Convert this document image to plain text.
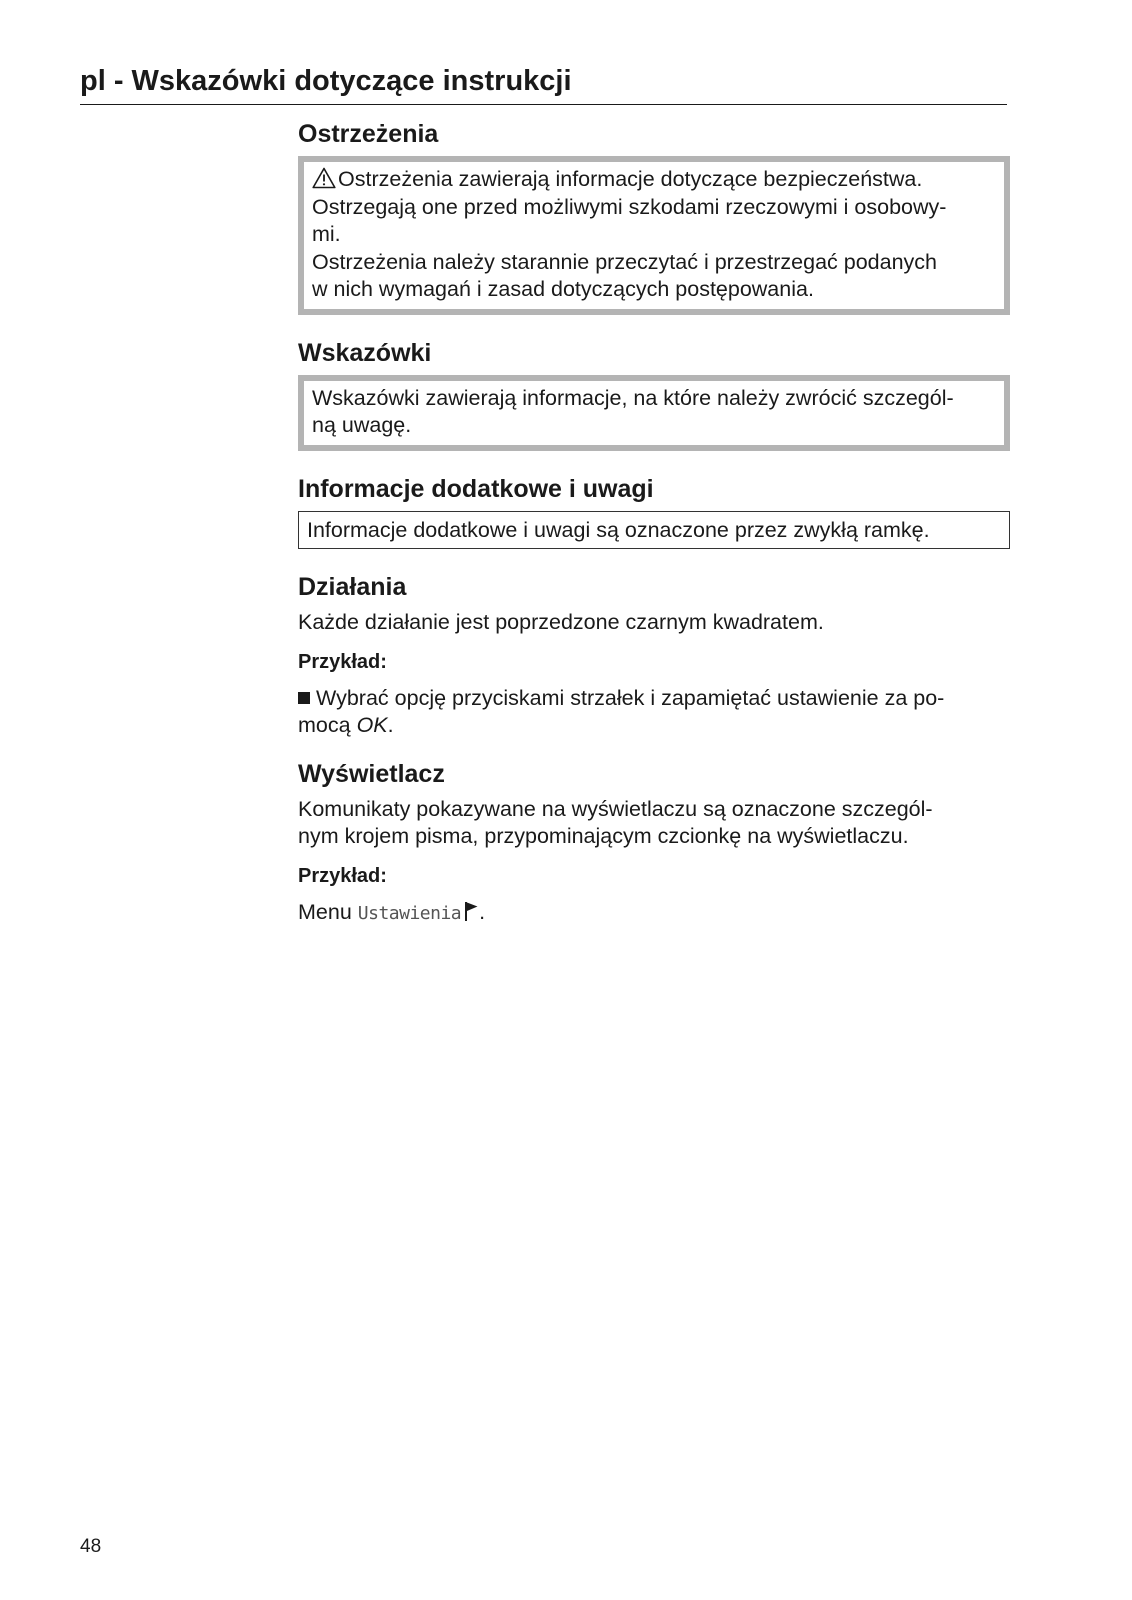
pl - Wskazówki dotyczące instrukcji
Ostrzeżenia

Ostrzeżenia zawierają informacje dotyczące bezpieczeństwa.

Ostrzegają one przed możliwymi szkodami rzeczowymi i osobowy-

mi.

Ostrzeżenia należy starannie przeczytać i przestrzegać podanych

w nich wymagań i zasad dotyczących postępowania.

Wskazówki

Wskazówki zawierają informacje, na które należy zwrócić szczegól-

ną uwagę.

Informacje dodatkowe i uwagi

Informacje dodatkowe i uwagi są oznaczone przez zwykłą ramkę.

Działania

Każde działanie jest poprzedzone czarnym kwadratem.

Przykład:

Wybrać opcję przyciskami strzałek i zapamiętać ustawienie za po-

mocą OK.

Wyświetlacz

Komunikaty pokazywane na wyświetlaczu są oznaczone szczegól-

nym krojem pisma, przypominającym czcionkę na wyświetlaczu.

Przykład:

Menu Ustawienia .

48
